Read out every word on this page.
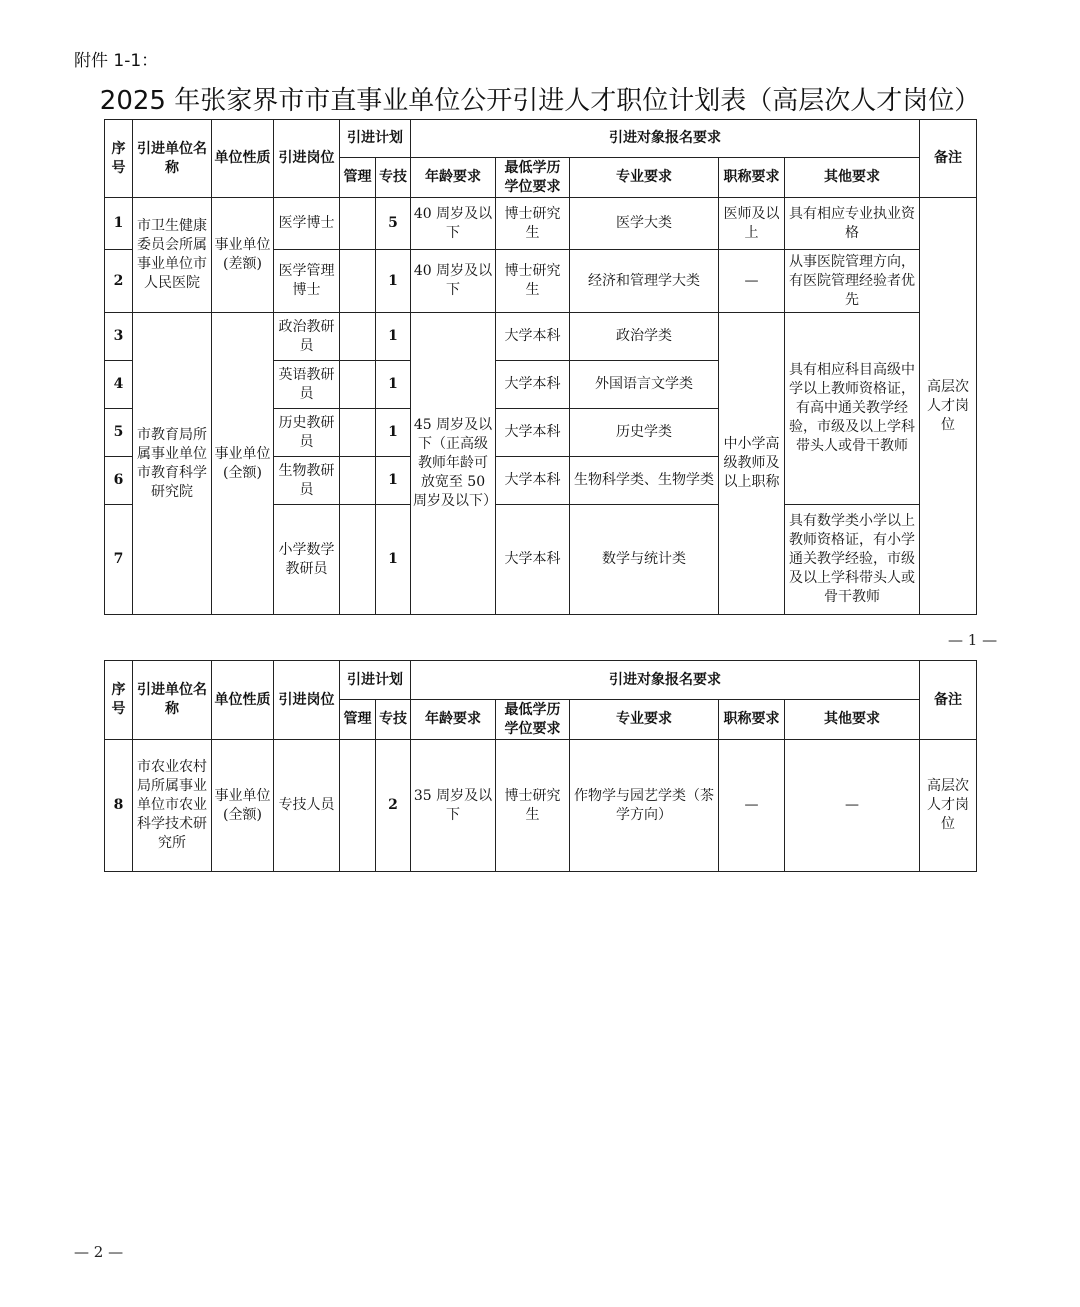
附件 1-1：
2025 年张家界市市直事业单位公开引进人才职位计划表（高层次人才岗位）
序号	引进单位名　称	单位性质	引进岗位	引进计划		引进对象报名要求					备注
				管理	专技	年龄要求	最低学历学位要求	专业要求	职称要求	其他要求	
1	市卫生健康委员会所属事业单位市人民医院	事业单位(差额)	医学博士		5	40 周岁及以下	博士研究生	医学大类	医师及以上	具有相应专业执业资格	高层次人才岗位
2			医学管理博士		1	40 周岁及以下	博士研究生	经济和管理学大类	—	从事医院管理方向，有医院管理经验者优先	
3	市教育局所属事业单位市教育科学研究院	事业单位(全额)	政治教研员		1	45 周岁及以下（正高级教师年龄可放宽至 50 周岁及以下）	大学本科	政治学类	中小学高级教师及以上职称	具有相应科目高级中学以上教师资格证，有高中通关教学经验，市级及以上学科带头人或骨干教师	
4			英语教研员		1		大学本科	外国语言文学类			
5			历史教研员		1		大学本科	历史学类			
6			生物教研员		1		大学本科	生物科学类、生物学类			
7			小学数学教研员		1		大学本科	数学与统计类		具有数学类小学以上教师资格证，有小学通关教学经验，市级及以上学科带头人或骨干教师	
— 1 —
序号	引进单位名　称	单位性质	引进岗位	引进计划		引进对象报名要求					备注
				管理	专技	年龄要求	最低学历学位要求	专业要求	职称要求	其他要求	
8	市农业农村局所属事业单位市农业科学技术研究所	事业单位(全额)	专技人员		2	35 周岁及以下	博士研究生	作物学与园艺学类（茶学方向）	—	—	高层次人才岗位
— 2 —
